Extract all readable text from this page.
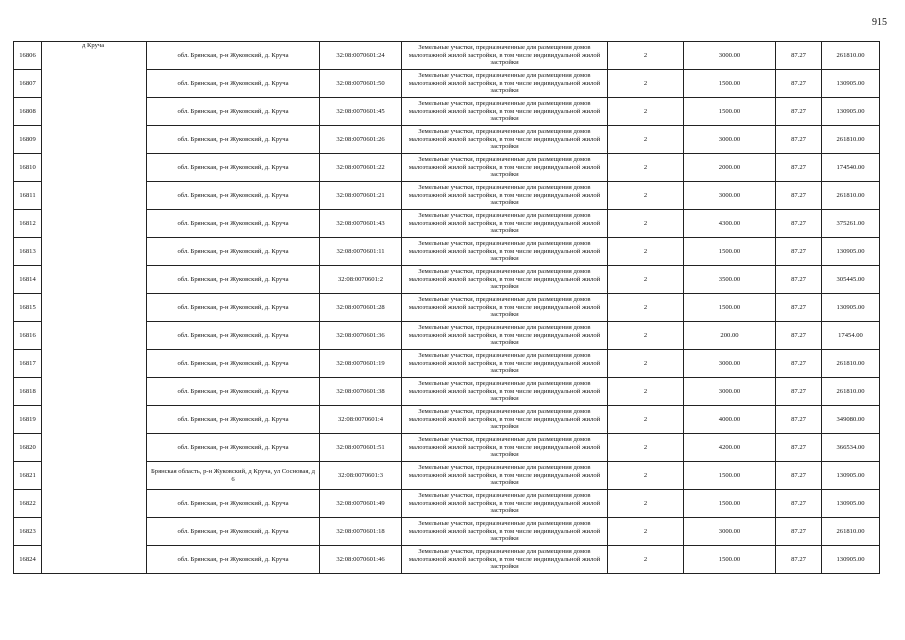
915
16806	д Круча	обл. Брянская, р-н Жуковский, д. Круча	32:08:0070601:24	Земельные участки, предназначенные для размещения домов малоэтажной жилой застройки, в том числе индивидуальной жилой застройки	2	3000.00	87.27	261810.00
16807		обл. Брянская, р-н Жуковский, д. Круча	32:08:0070601:50	Земельные участки, предназначенные для размещения домов малоэтажной жилой застройки, в том числе индивидуальной жилой застройки	2	1500.00	87.27	130905.00
16808		обл. Брянская, р-н Жуковский, д. Круча	32:08:0070601:45	Земельные участки, предназначенные для размещения домов малоэтажной жилой застройки, в том числе индивидуальной жилой застройки	2	1500.00	87.27	130905.00
16809		обл. Брянская, р-н Жуковский, д. Круча	32:08:0070601:26	Земельные участки, предназначенные для размещения домов малоэтажной жилой застройки, в том числе индивидуальной жилой застройки	2	3000.00	87.27	261810.00
16810		обл. Брянская, р-н Жуковский, д. Круча	32:08:0070601:22	Земельные участки, предназначенные для размещения домов малоэтажной жилой застройки, в том числе индивидуальной жилой застройки	2	2000.00	87.27	174540.00
16811		обл. Брянская, р-н Жуковский, д. Круча	32:08:0070601:21	Земельные участки, предназначенные для размещения домов малоэтажной жилой застройки, в том числе индивидуальной жилой застройки	2	3000.00	87.27	261810.00
16812		обл. Брянская, р-н Жуковский, д. Круча	32:08:0070601:43	Земельные участки, предназначенные для размещения домов малоэтажной жилой застройки, в том числе индивидуальной жилой застройки	2	4300.00	87.27	375261.00
16813		обл. Брянская, р-н Жуковский, д. Круча	32:08:0070601:11	Земельные участки, предназначенные для размещения домов малоэтажной жилой застройки, в том числе индивидуальной жилой застройки	2	1500.00	87.27	130905.00
16814		обл. Брянская, р-н Жуковский, д. Круча	32:08:0070601:2	Земельные участки, предназначенные для размещения домов малоэтажной жилой застройки, в том числе индивидуальной жилой застройки	2	3500.00	87.27	305445.00
16815		обл. Брянская, р-н Жуковский, д. Круча	32:08:0070601:28	Земельные участки, предназначенные для размещения домов малоэтажной жилой застройки, в том числе индивидуальной жилой застройки	2	1500.00	87.27	130905.00
16816		обл. Брянская, р-н Жуковский, д. Круча	32:08:0070601:36	Земельные участки, предназначенные для размещения домов малоэтажной жилой застройки, в том числе индивидуальной жилой застройки	2	200.00	87.27	17454.00
16817		обл. Брянская, р-н Жуковский, д. Круча	32:08:0070601:19	Земельные участки, предназначенные для размещения домов малоэтажной жилой застройки, в том числе индивидуальной жилой застройки	2	3000.00	87.27	261810.00
16818		обл. Брянская, р-н Жуковский, д. Круча	32:08:0070601:38	Земельные участки, предназначенные для размещения домов малоэтажной жилой застройки, в том числе индивидуальной жилой застройки	2	3000.00	87.27	261810.00
16819		обл. Брянская, р-н Жуковский, д. Круча	32:08:0070601:4	Земельные участки, предназначенные для размещения домов малоэтажной жилой застройки, в том числе индивидуальной жилой застройки	2	4000.00	87.27	349080.00
16820		обл. Брянская, р-н Жуковский, д. Круча	32:08:0070601:51	Земельные участки, предназначенные для размещения домов малоэтажной жилой застройки, в том числе индивидуальной жилой застройки	2	4200.00	87.27	366534.00
16821		Брянская область, р-н Жуковский, д Круча, ул Сосновая, д 6	32:08:0070601:3	Земельные участки, предназначенные для размещения домов малоэтажной жилой застройки, в том числе индивидуальной жилой застройки	2	1500.00	87.27	130905.00
16822		обл. Брянская, р-н Жуковский, д. Круча	32:08:0070601:49	Земельные участки, предназначенные для размещения домов малоэтажной жилой застройки, в том числе индивидуальной жилой застройки	2	1500.00	87.27	130905.00
16823		обл. Брянская, р-н Жуковский, д. Круча	32:08:0070601:18	Земельные участки, предназначенные для размещения домов малоэтажной жилой застройки, в том числе индивидуальной жилой застройки	2	3000.00	87.27	261810.00
16824		обл. Брянская, р-н Жуковский, д. Круча	32:08:0070601:46	Земельные участки, предназначенные для размещения домов малоэтажной жилой застройки, в том числе индивидуальной жилой застройки	2	1500.00	87.27	130905.00
